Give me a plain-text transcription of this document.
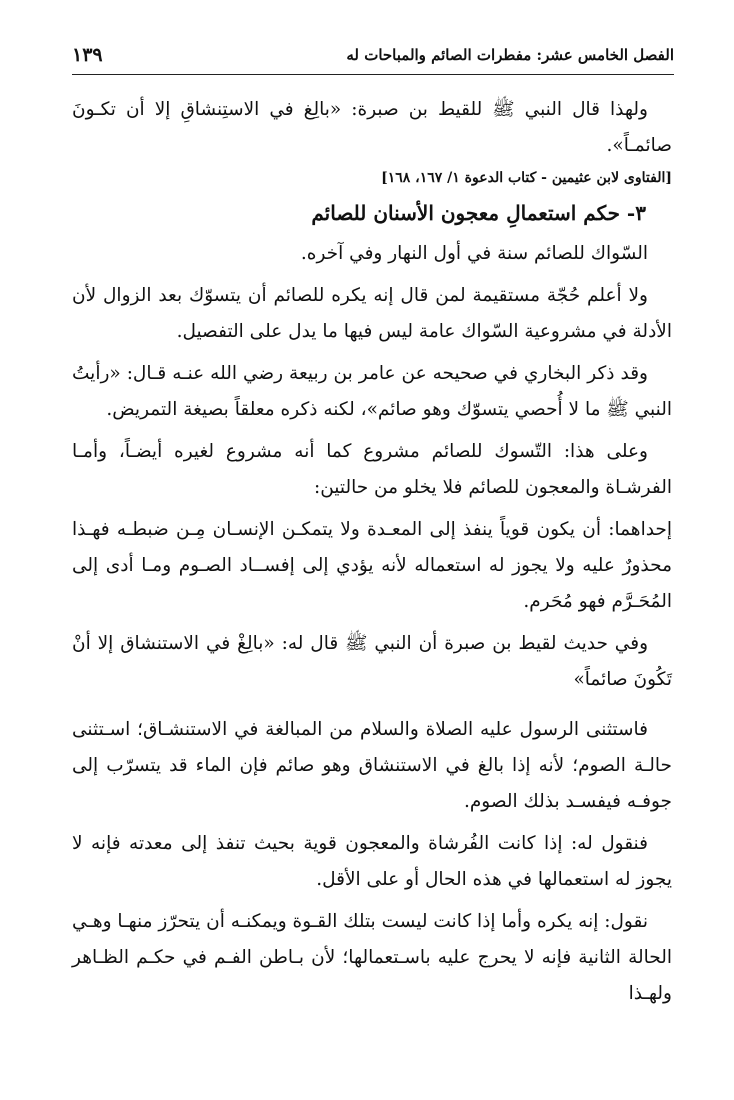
الفصل الخامس عشر: مفطرات الصائم والمباحات له
١٣٩

ولهذا قال النبي ﷺ للقيط بن صبرة: «بالِغ في الاستِنشاقِ إلا أن تكـونَ صائمـاً».

[الفتاوى لابن عثيمين - كتاب الدعوة ١/ ١٦٧، ١٦٨]

٣- حكم استعمالِ معجون الأسنان للصائم

السّواك للصائم سنة في أول النهار وفي آخره.

ولا أعلم حُجّة مستقيمة لمن قال إنه يكره للصائم أن يتسوّك بعد الزوال لأن الأدلة في مشروعية السّواك عامة ليس فيها ما يدل على التفصيل.

وقد ذكر البخاري في صحيحه عن عامر بن ربيعة رضي الله عنـه قـال: «رأيتُ النبي ﷺ ما لا أُحصي يتسوّك وهو صائم»، لكنه ذكره معلقاً بصيغة التمريض.

وعلى هذا: التّسوك للصائم مشروع كما أنه مشروع لغيره أيضـاً، وأمـا الفرشـاة والمعجون للصائم فلا يخلو من حالتين:

إحداهما: أن يكون قوياً ينفذ إلى المعـدة ولا يتمكـن الإنسـان مِـن ضبطـه فهـذا محذورٌ عليه ولا يجوز له استعماله لأنه يؤدي إلى إفســاد الصـوم ومـا أدى إلى المُحَـرَّم فهو مُحَرم.

وفي حديث لقيط بن صبرة أن النبي ﷺ قال له: «بالِغْ في الاستنشاق إلا أنْ تَكُونَ صائماً»

فاستثنى الرسول عليه الصلاة والسلام من المبالغة في الاستنشـاق؛ اسـتثنى حالـة الصوم؛ لأنه إذا بالغ في الاستنشاق وهو صائم فإن الماء قد يتسرّب إلى جوفـه فيفسـد بذلك الصوم.

فنقول له: إذا كانت الفُرشاة والمعجون قوية بحيث تنفذ إلى معدته فإنه لا يجوز له استعمالها في هذه الحال أو على الأقل.

نقول: إنه يكره وأما إذا كانت ليست بتلك القـوة ويمكنـه أن يتحرّز منهـا وهـي الحالة الثانية فإنه لا يحرج عليه باسـتعمالها؛ لأن بـاطن الفـم في حكـم الظـاهر ولهـذا
